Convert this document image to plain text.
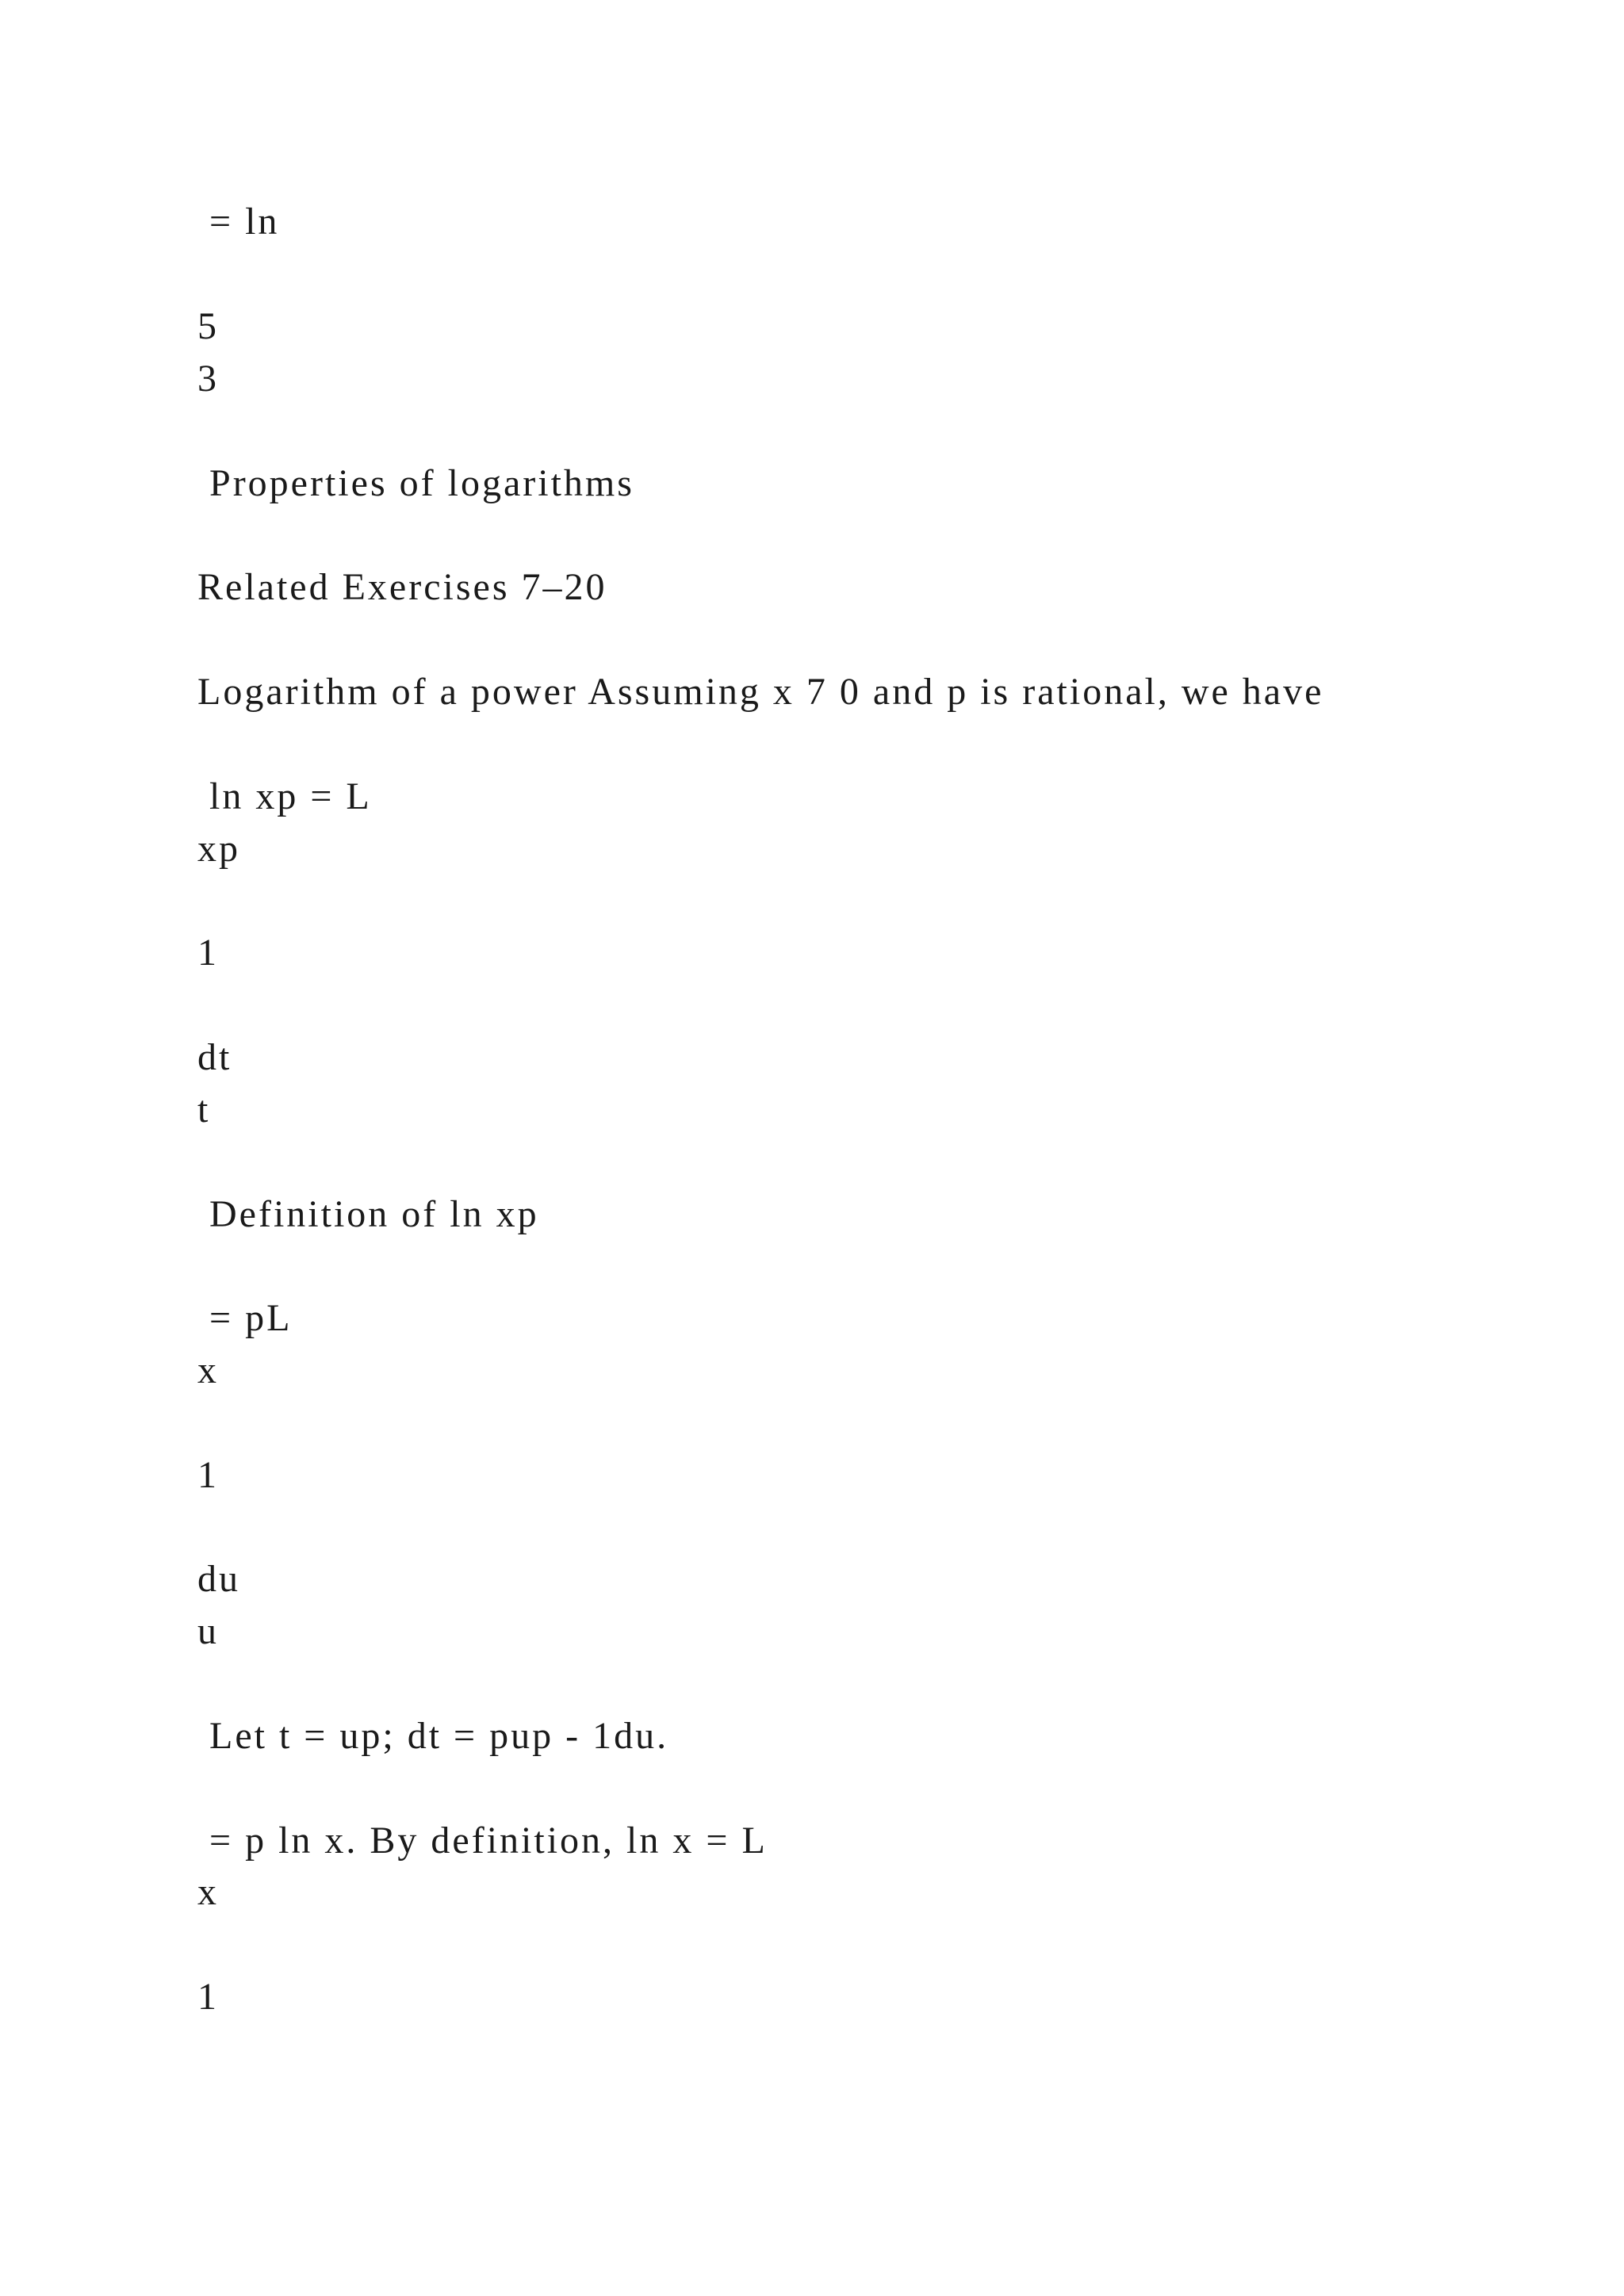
= ln
5
3
Properties of logarithms
Related Exercises 7–20
Logarithm of a power Assuming x 7 0 and p is rational, we have
ln xp = L
xp
1
dt
t
Definition of ln xp
= pL
x
1
du
u
Let t = up; dt = pup - 1du.
= p ln x. By definition, ln x = L
x
1
